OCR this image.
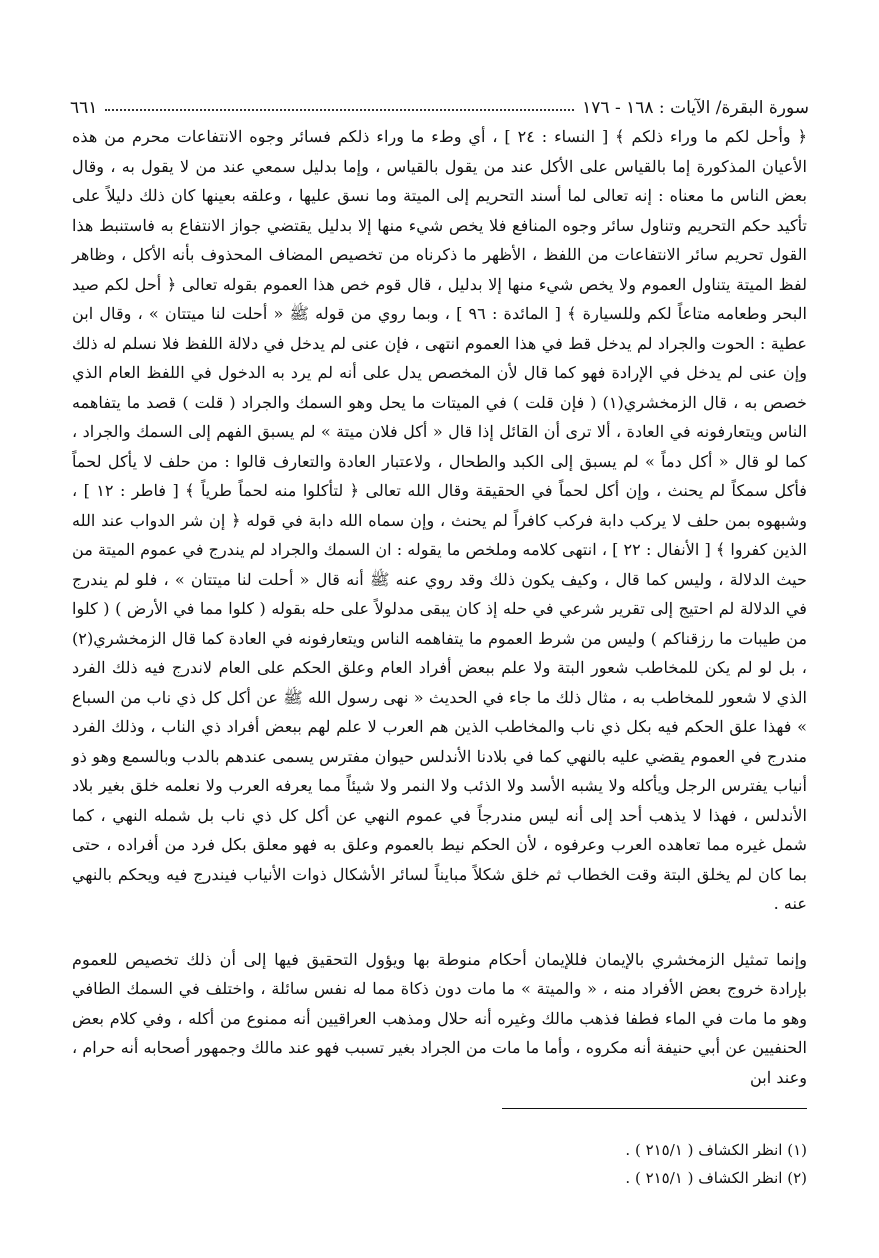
سورة البقرة/ الآيات : ١٦٨ - ١٧٦
٦٦١

﴿ وأحل لكم ما وراء ذلكم ﴾ [ النساء : ٢٤ ] ، أي وطء ما وراء ذلكم فسائر وجوه الانتفاعات محرم من هذه الأعيان المذكورة إما بالقياس على الأكل عند من يقول بالقياس ، وإما بدليل سمعي عند من لا يقول به ، وقال بعض الناس ما معناه : إنه تعالى لما أسند التحريم إلى الميتة وما نسق عليها ، وعلقه بعينها كان ذلك دليلاً على تأكيد حكم التحريم وتناول سائر وجوه المنافع فلا يخص شيء منها إلا بدليل يقتضي جواز الانتفاع به فاستنبط هذا القول تحريم سائر الانتفاعات من اللفظ ، الأظهر ما ذكرناه من تخصيص المضاف المحذوف بأنه الأكل ، وظاهر لفظ الميتة يتناول العموم ولا يخص شيء منها إلا بدليل ، قال قوم خص هذا العموم بقوله تعالى ﴿ أحل لكم صيد البحر وطعامه متاعاً لكم وللسيارة ﴾ [ المائدة : ٩٦ ] ، وبما روي من قوله ﷺ « أحلت لنا ميتتان » ، وقال ابن عطية : الحوت والجراد لم يدخل قط في هذا العموم انتهى ، فإن عنى لم يدخل في دلالة اللفظ فلا نسلم له ذلك وإن عنى لم يدخل في الإرادة فهو كما قال لأن المخصص يدل على أنه لم يرد به الدخول في اللفظ العام الذي خصص به ، قال الزمخشري(١) ( فإن قلت ) في الميتات ما يحل وهو السمك والجراد ( قلت ) قصد ما يتفاهمه الناس ويتعارفونه في العادة ، ألا ترى أن القائل إذا قال « أكل فلان ميتة » لم يسبق الفهم إلى السمك والجراد ، كما لو قال « أكل دماً » لم يسبق إلى الكبد والطحال ، ولاعتبار العادة والتعارف قالوا : من حلف لا يأكل لحماً فأكل سمكاً لم يحنث ، وإن أكل لحماً في الحقيقة وقال الله تعالى ﴿ لتأكلوا منه لحماً طرياً ﴾ [ فاطر : ١٢ ] ، وشبهوه بمن حلف لا يركب دابة فركب كافراً لم يحنث ، وإن سماه الله دابة في قوله ﴿ إن شر الدواب عند الله الذين كفروا ﴾ [ الأنفال : ٢٢ ] ، انتهى كلامه وملخص ما يقوله : ان السمك والجراد لم يندرج في عموم الميتة من حيث الدلالة ، وليس كما قال ، وكيف يكون ذلك وقد روي عنه ﷺ أنه قال « أحلت لنا ميتتان » ، فلو لم يندرج في الدلالة لم احتيج إلى تقرير شرعي في حله إذ كان يبقى مدلولاً على حله بقوله ( كلوا مما في الأرض ) ( كلوا من طيبات ما رزقناكم ) وليس من شرط العموم ما يتفاهمه الناس ويتعارفونه في العادة كما قال الزمخشري(٢) ، بل لو لم يكن للمخاطب شعور البتة ولا علم ببعض أفراد العام وعلق الحكم على العام لاندرج فيه ذلك الفرد الذي لا شعور للمخاطب به ، مثال ذلك ما جاء في الحديث « نهى رسول الله ﷺ عن أكل كل ذي ناب من السباع » فهذا علق الحكم فيه بكل ذي ناب والمخاطب الذين هم العرب لا علم لهم ببعض أفراد ذي الناب ، وذلك الفرد مندرج في العموم يقضي عليه بالنهي كما في بلادنا الأندلس حيوان مفترس يسمى عندهم بالدب وبالسمع وهو ذو أنياب يفترس الرجل ويأكله ولا يشبه الأسد ولا الذئب ولا النمر ولا شيئاً مما يعرفه العرب ولا نعلمه خلق بغير بلاد الأندلس ، فهذا لا يذهب أحد إلى أنه ليس مندرجاً في عموم النهي عن أكل كل ذي ناب بل شمله النهي ، كما شمل غيره مما تعاهده العرب وعرفوه ، لأن الحكم نيط بالعموم وعلق به فهو معلق بكل فرد من أفراده ، حتى بما كان لم يخلق البتة وقت الخطاب ثم خلق شكلاً مبايناً لسائر الأشكال ذوات الأنياب فيندرج فيه ويحكم بالنهي عنه .

وإنما تمثيل الزمخشري بالإيمان فللإيمان أحكام منوطة بها ويؤول التحقيق فيها إلى أن ذلك تخصيص للعموم بإرادة خروج بعض الأفراد منه ، « والميتة » ما مات دون ذكاة مما له نفس سائلة ، واختلف في السمك الطافي وهو ما مات في الماء فطفا فذهب مالك وغيره أنه حلال ومذهب العراقيين أنه ممنوع من أكله ، وفي كلام بعض الحنفيين عن أبي حنيفة أنه مكروه ، وأما ما مات من الجراد بغير تسبب فهو عند مالك وجمهور أصحابه أنه حرام ، وعند ابن

(١) انظر الكشاف ( ٢١٥/١ ) .
(٢) انظر الكشاف ( ٢١٥/١ ) .
